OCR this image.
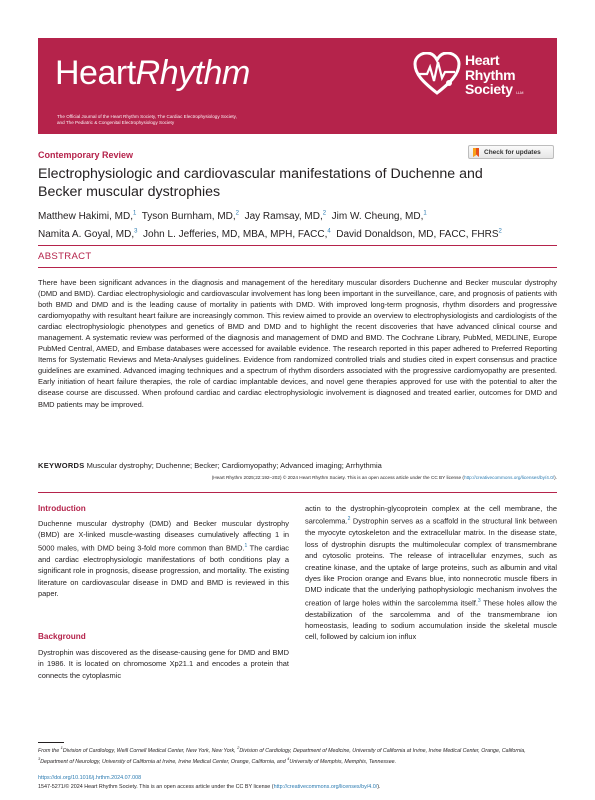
HeartRhythm
The Official Journal of the Heart Rhythm Society, The Cardiac Electrophysiology Society,
and The Pediatric & Congenital Electrophysiology Society
Heart
Rhythm
Society LLM
Contemporary Review	Check for updates
Electrophysiologic and cardiovascular manifestations of Duchenne and
Becker muscular dystrophies
Matthew Hakimi, MD,$^1$ Tyson Burnham, MD,$^2$ Jay Ramsay, MD,$^2$ Jim W. Cheung, MD,$^1$
Namita A. Goyal, MD,$^3$ John L. Jefferies, MD, MBA, MPH, FACC,$^4$ David Donaldson, MD, FACC, FHRS$^2$
ABSTRACT

There have been significant advances in the diagnosis and management of the hereditary muscular disorders Duchenne and Becker muscular dystrophy (DMD and BMD). Cardiac electrophysiologic and cardiovascular involvement has long been important in the surveillance, care, and prognosis of patients with both BMD and DMD and is the leading cause of mortality in patients with DMD. With improved long-term prognosis, rhythm disorders and progressive cardiomyopathy with resultant heart failure are increasingly common. This review aimed to provide an overview to electrophysiologists and cardiologists of the cardiac electrophysiologic phenotypes and genetics of BMD and DMD and to highlight the recent discoveries that have advanced clinical course and management. A systematic review was performed of the diagnosis and management of DMD and BMD. The Cochrane Library, PubMed, MEDLINE, Europe PubMed Central, AMED, and Embase databases were accessed for available evidence. The research reported in this paper adhered to Preferred Reporting Items for Systematic Reviews and Meta-Analyses guidelines. Evidence from randomized controlled trials and studies cited in expert consensus and practice guidelines are examined. Advanced imaging techniques and a spectrum of rhythm disorders associated with the progressive cardiomyopathy are presented. Early initiation of heart failure therapies, the role of cardiac implantable devices, and novel gene therapies approved for use with the potential to alter the disease course are discussed. When profound cardiac and cardiac electrophysiologic involvement is diagnosed and treated earlier, outcomes for DMD and BMD patients may be improved.

KEYWORDS Muscular dystrophy; Duchenne; Becker; Cardiomyopathy; Advanced imaging; Arrhythmia
(Heart Rhythm 2025;22:192–202) © 2024 Heart Rhythm Society. This is an open access article under the CC BY license (http://creativecommons.org/licenses/by/4.0/).
Introduction

Duchenne muscular dystrophy (DMD) and Becker muscular dystrophy (BMD) are X-linked muscle-wasting diseases cumulatively affecting 1 in 5000 males, with DMD being 3-fold more common than BMD.$^1$ The cardiac and cardiac electrophysiologic manifestations of both conditions play a significant role in prognosis, disease progression, and mortality. The existing literature on cardiovascular disease in DMD and BMD is reviewed in this paper.

Background

Dystrophin was discovered as the disease-causing gene for DMD and BMD in 1986. It is located on chromosome Xp21.1 and encodes a protein that connects the cytoplasmic

actin to the dystrophin-glycoprotein complex at the cell membrane, the sarcolemma.$^2$ Dystrophin serves as a scaffold in the structural link between the myocyte cytoskeleton and the extracellular matrix. In the disease state, loss of dystrophin disrupts the multimolecular complex of transmembrane and cytosolic proteins. The release of intracellular enzymes, such as creatine kinase, and the uptake of large proteins, such as albumin and vital dyes like Procion orange and Evans blue, into nonnecrotic muscle fibers in DMD indicate that the underlying pathophysiologic mechanism involves the creation of large holes within the sarcolemma itself.$^3$ These holes allow the destabilization of the sarcolemma and of the transmembrane ion homeostasis, leading to sodium accumulation inside the skeletal muscle cell, followed by calcium ion influx

From the $^1$Division of Cardiology, Weill Cornell Medical Center, New York, New York, $^2$Division of Cardiology, Department of Medicine, University of California at Irvine, Irvine Medical Center, Orange, California, $^3$Department of Neurology, University of California at Irvine, Irvine Medical Center, Orange, California, and $^4$University of Memphis, Memphis, Tennessee.
https://doi.org/10.1016/j.hrthm.2024.07.008
1547-5271/© 2024 Heart Rhythm Society. This is an open access article under the CC BY license (http://creativecommons.org/licenses/by/4.0/).
